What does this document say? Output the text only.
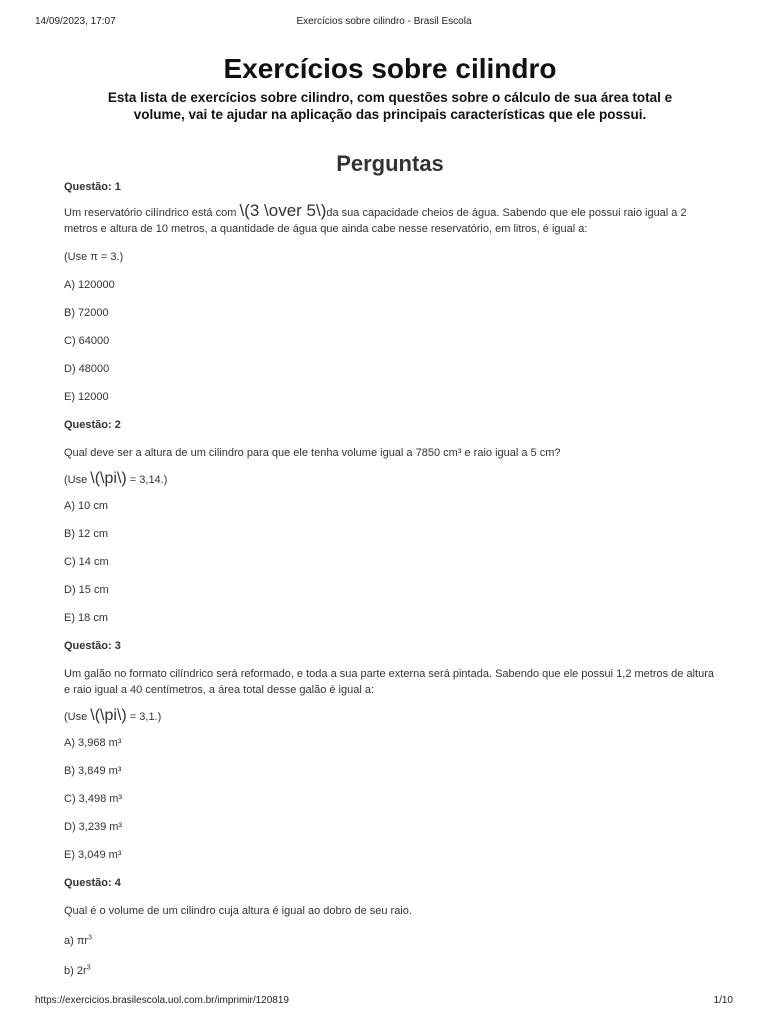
14/09/2023, 17:07	Exercícios sobre cilindro - Brasil Escola
Exercícios sobre cilindro

Esta lista de exercícios sobre cilindro, com questões sobre o cálculo de sua área total e volume, vai te ajudar na aplicação das principais características que ele possui.

Perguntas

Questão: 1

Um reservatório cilíndrico está com \(3 \over 5\)da sua capacidade cheios de água. Sabendo que ele possui raio igual a 2 metros e altura de 10 metros, a quantidade de água que ainda cabe nesse reservatório, em litros, é igual a:

(Use π = 3.)

A) 120000

B) 72000

C) 64000

D) 48000

E) 12000

Questão: 2

Qual deve ser a altura de um cilindro para que ele tenha volume igual a 7850 cm³ e raio igual a 5 cm?

(Use \(\pi\) = 3,14.)

A) 10 cm

B) 12 cm

C) 14 cm

D) 15 cm

E) 18 cm

Questão: 3

Um galão no formato cilíndrico será reformado, e toda a sua parte externa será pintada. Sabendo que ele possui 1,2 metros de altura e raio igual a 40 centímetros, a área total desse galão é igual a:

(Use \(\pi\) = 3,1.)

A) 3,968 m³

B) 3,849 m³

C) 3,498 m³

D) 3,239 m³

E) 3,049 m³

Questão: 4

Qual é o volume de um cilindro cuja altura é igual ao dobro de seu raio.

a) $\pi r^3$

b) $2r^3$

https://exercicios.brasilescola.uol.com.br/imprimir/120819	1/10
